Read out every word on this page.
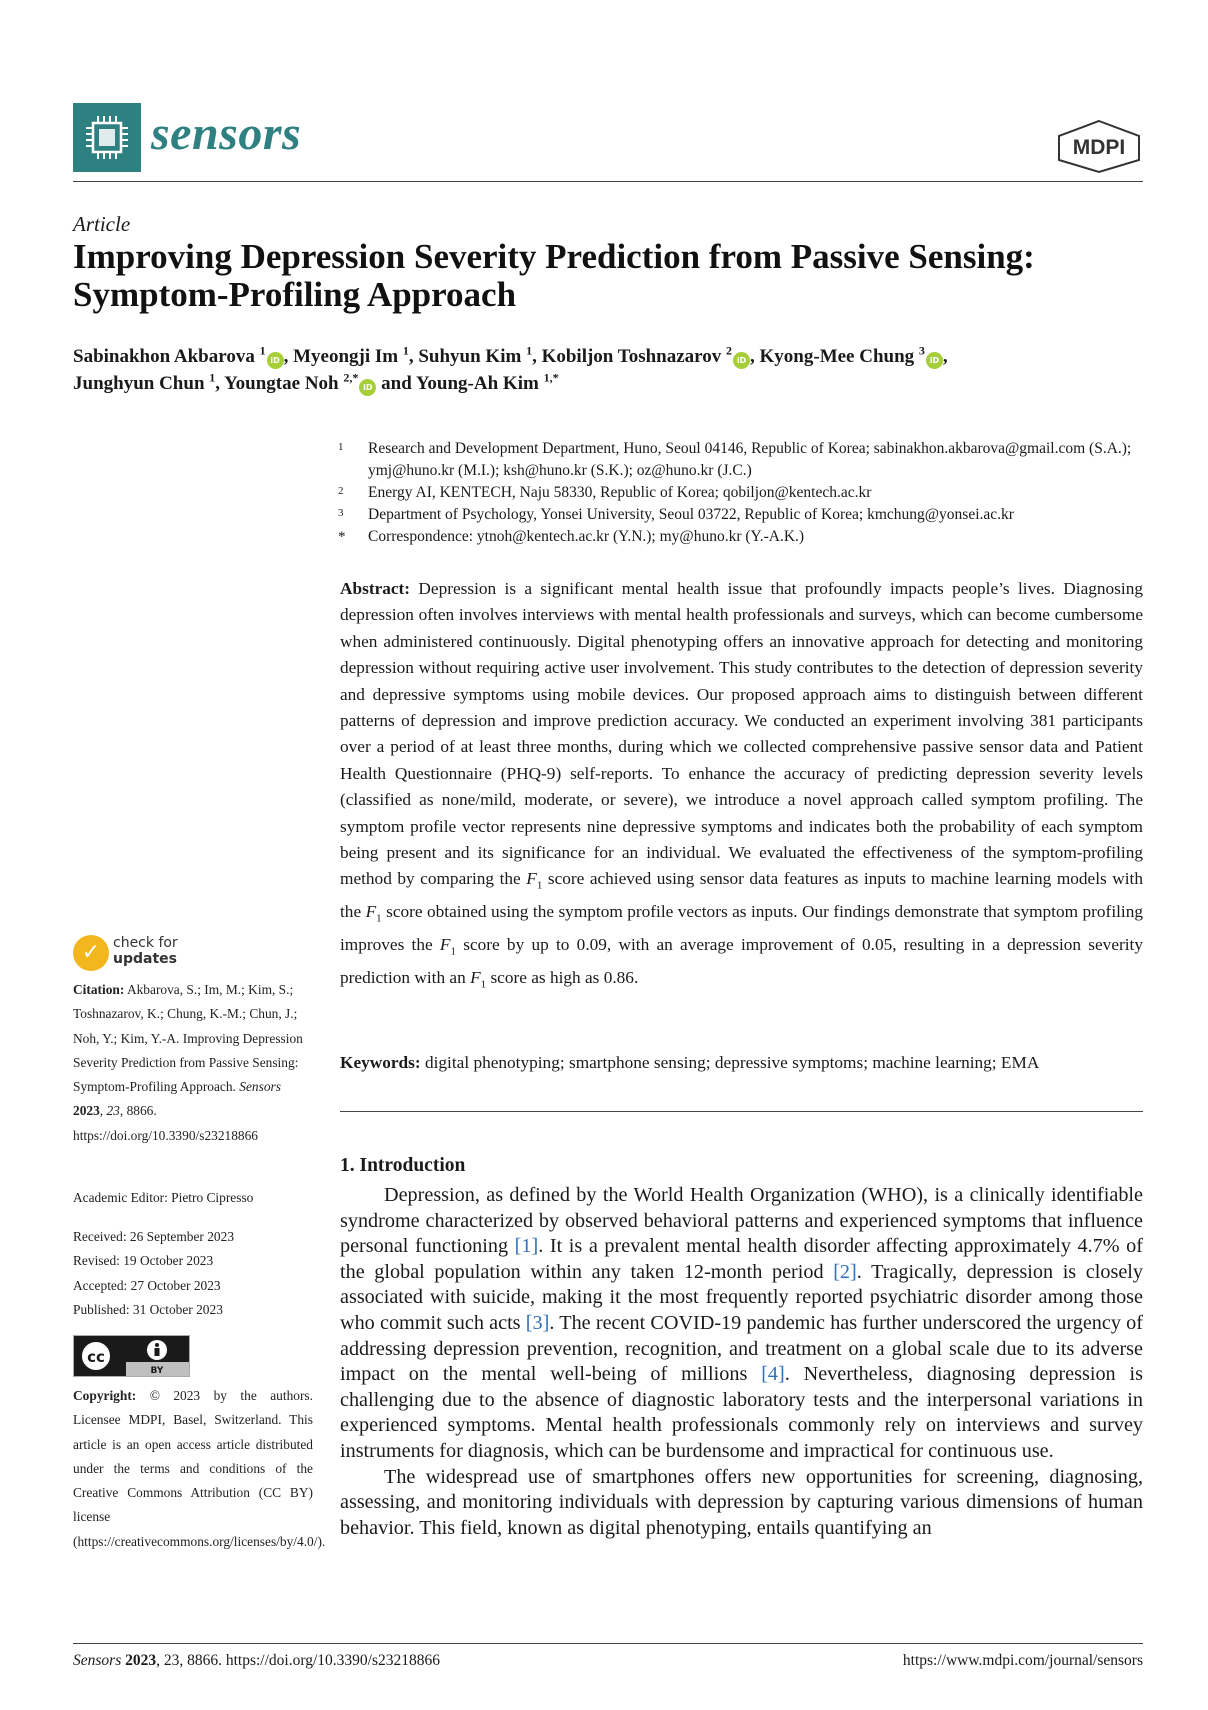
sensors	MDPI
Article
Improving Depression Severity Prediction from Passive Sensing: Symptom-Profiling Approach
Sabinakhon Akbarova $^1$iD , Myeongji Im $^1$, Suhyun Kim $^1$, Kobiljon Toshnazarov $^2$iD , Kyong-Mee Chung $^3$iD ,
Junghyun Chun $^1$, Youngtae Noh $^{2,*}$iD and Young-Ah Kim $^{1,*}$
1 Research and Development Department, Huno, Seoul 04146, Republic of Korea; sabinakhon.akbarova@gmail.com (S.A.); ymj@huno.kr (M.I.); ksh@huno.kr (S.K.); oz@huno.kr (J.C.)
2 Energy AI, KENTECH, Naju 58330, Republic of Korea; qobiljon@kentech.ac.kr
3 Department of Psychology, Yonsei University, Seoul 03722, Republic of Korea; kmchung@yonsei.ac.kr
* Correspondence: ytnoh@kentech.ac.kr (Y.N.); my@huno.kr (Y.-A.K.)
Abstract: Depression is a significant mental health issue that profoundly impacts people’s lives. Diagnosing depression often involves interviews with mental health professionals and surveys, which can become cumbersome when administered continuously. Digital phenotyping offers an innovative approach for detecting and monitoring depression without requiring active user involvement. This study contributes to the detection of depression severity and depressive symptoms using mobile devices. Our proposed approach aims to distinguish between different patterns of depression and improve prediction accuracy. We conducted an experiment involving 381 participants over a period of at least three months, during which we collected comprehensive passive sensor data and Patient Health Questionnaire (PHQ-9) self-reports. To enhance the accuracy of predicting depression severity levels (classified as none/mild, moderate, or severe), we introduce a novel approach called symptom profiling. The symptom profile vector represents nine depressive symptoms and indicates both the probability of each symptom being present and its significance for an individual. We evaluated the effectiveness of the symptom-profiling method by comparing the $F_1$ score achieved using sensor data features as inputs to machine learning models with the $F_1$ score obtained using the symptom profile vectors as inputs. Our findings demonstrate that symptom profiling improves the $F_1$ score by up to 0.09, with an average improvement of 0.05, resulting in a depression severity prediction with an $F_1$ score as high as 0.86.
Keywords: digital phenotyping; smartphone sensing; depressive symptoms; machine learning; EMA
1. Introduction

Depression, as defined by the World Health Organization (WHO), is a clinically identifiable syndrome characterized by observed behavioral patterns and experienced symptoms that influence personal functioning [1]. It is a prevalent mental health disorder affecting approximately 4.7% of the global population within any taken 12-month period [2]. Tragically, depression is closely associated with suicide, making it the most frequently reported psychiatric disorder among those who commit such acts [3]. The recent COVID-19 pandemic has further underscored the urgency of addressing depression prevention, recognition, and treatment on a global scale due to its adverse impact on the mental well-being of millions [4]. Nevertheless, diagnosing depression is challenging due to the absence of diagnostic laboratory tests and the interpersonal variations in experienced symptoms. Mental health professionals commonly rely on interviews and survey instruments for diagnosis, which can be burdensome and impractical for continuous use.

The widespread use of smartphones offers new opportunities for screening, diagnosing, assessing, and monitoring individuals with depression by capturing various dimensions of human behavior. This field, known as digital phenotyping, entails quantifying an

✓ check for
updates
Citation: Akbarova, S.; Im, M.; Kim, S.; Toshnazarov, K.; Chung, K.-M.; Chun, J.; Noh, Y.; Kim, Y.-A. Improving Depression Severity Prediction from Passive Sensing: Symptom-Profiling Approach. Sensors 2023, 23, 8866. https://doi.org/10.3390/s23218866
Academic Editor: Pietro Cipresso
Received: 26 September 2023
Revised: 19 October 2023
Accepted: 27 October 2023
Published: 31 October 2023
cc
BY
Copyright: © 2023 by the authors. Licensee MDPI, Basel, Switzerland. This article is an open access article distributed under the terms and conditions of the Creative Commons Attribution (CC BY) license (https://creativecommons.org/licenses/by/4.0/).
Sensors 2023, 23, 8866. https://doi.org/10.3390/s23218866	https://www.mdpi.com/journal/sensors
